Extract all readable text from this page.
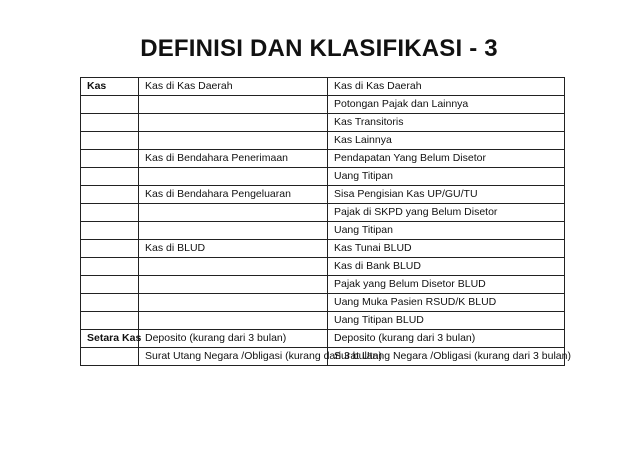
DEFINISI DAN KLASIFIKASI - 3
Kas	Kas di Kas Daerah	Kas di Kas Daerah
		Potongan Pajak dan Lainnya
		Kas Transitoris
		Kas Lainnya
	Kas di Bendahara Penerimaan	Pendapatan Yang Belum Disetor
		Uang Titipan
	Kas di Bendahara Pengeluaran	Sisa Pengisian Kas UP/GU/TU
		Pajak di SKPD yang Belum Disetor
		Uang Titipan
	Kas di BLUD	Kas Tunai BLUD
		Kas di Bank BLUD
		Pajak yang Belum Disetor BLUD
		Uang Muka Pasien RSUD/K BLUD
		Uang Titipan BLUD
Setara Kas	Deposito (kurang dari 3 bulan)	Deposito (kurang dari 3 bulan)
	Surat Utang Negara /Obligasi (kurang dari 3 bulan)	Surat Utang Negara /Obligasi (kurang dari 3 bulan)
